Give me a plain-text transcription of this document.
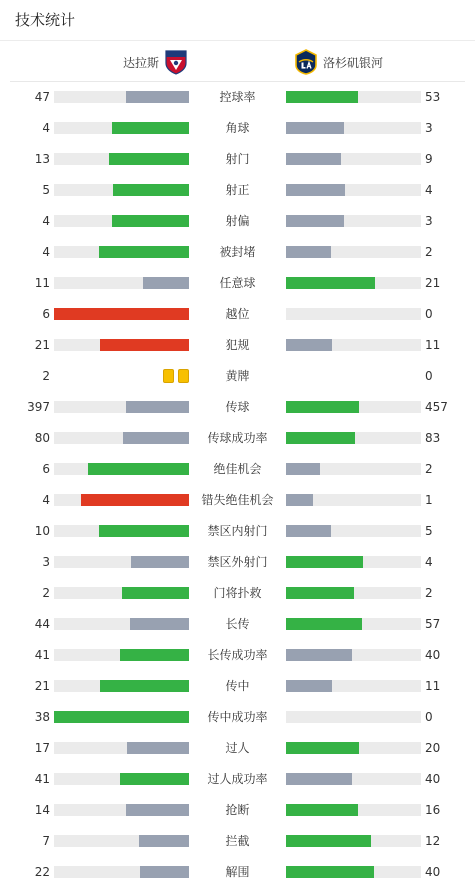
技术统计
达拉斯	洛杉矶银河
47	控球率	53
4	角球	3
13	射门	9
5	射正	4
4	射偏	3
4	被封堵	2
11	任意球	21
6	越位	0
21	犯规	11
2	黄牌	0
397	传球	457
80	传球成功率	83
6	绝佳机会	2
4	错失绝佳机会	1
10	禁区内射门	5
3	禁区外射门	4
2	门将扑救	2
44	长传	57
41	长传成功率	40
21	传中	11
38	传中成功率	0
17	过人	20
41	过人成功率	40
14	抢断	16
7	拦截	12
22	解围	40
